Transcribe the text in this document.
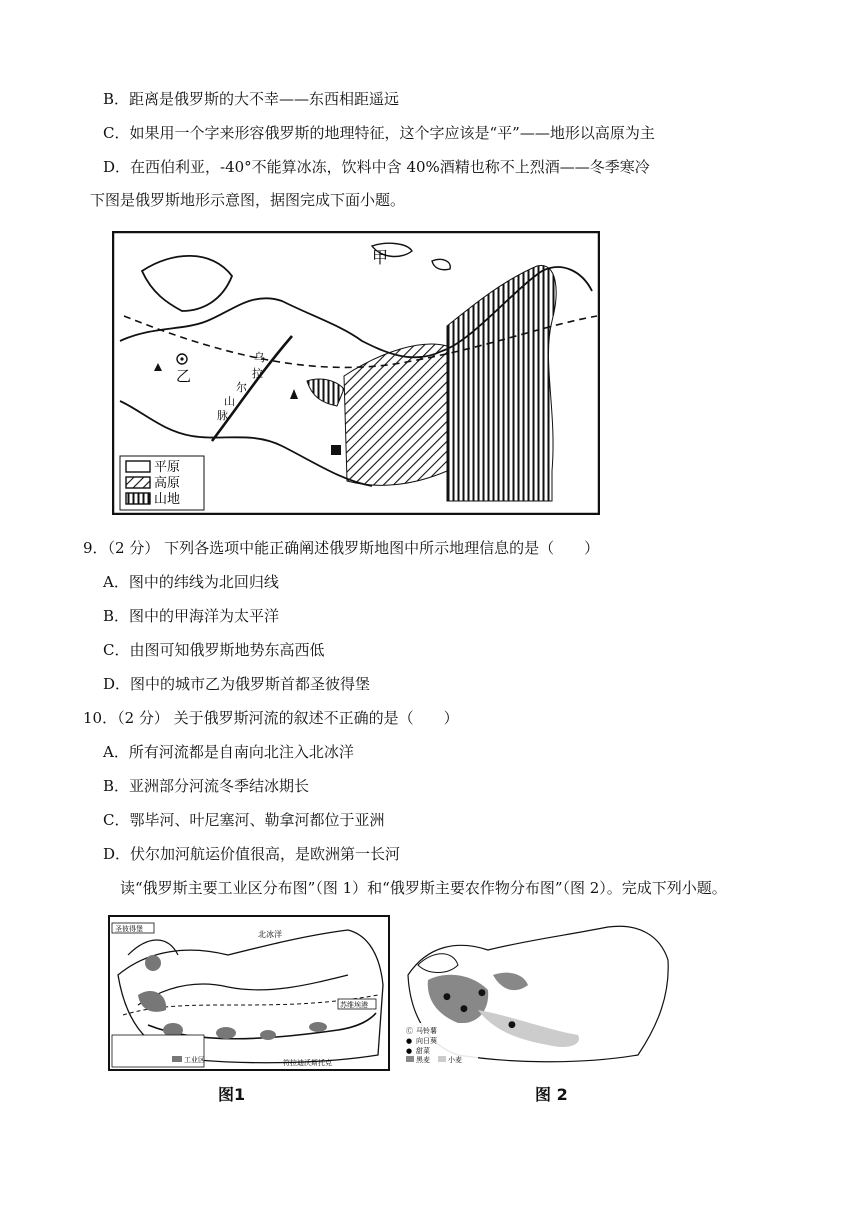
B．距离是俄罗斯的大不幸——东西相距遥远
C．如果用一个字来形容俄罗斯的地理特征，这个字应该是“平”——地形以高原为主
D．在西伯利亚，-40°不能算冰冻，饮料中含 40%酒精也称不上烈酒——冬季寒冷
下图是俄罗斯地形示意图，据图完成下面小题。
甲
乙
乌
拉
尔
山
脉
平原
高原
山地
9．（2 分） 下列各选项中能正确阐述俄罗斯地图中所示地理信息的是（　　）
A．图中的纬线为北回归线
B．图中的甲海洋为太平洋
C．由图可知俄罗斯地势东高西低
D．图中的城市乙为俄罗斯首都圣彼得堡
10．（2 分） 关于俄罗斯河流的叙述不正确的是（　　）
A．所有河流都是自南向北注入北冰洋
B．亚洲部分河流冬季结冰期长
C．鄂毕河、叶尼塞河、勒拿河都位于亚洲
D．伏尔加河航运价值很高，是欧洲第一长河
读“俄罗斯主要工业区分布图”（图 1）和“俄罗斯主要农作物分布图”（图 2）。完成下列小题。
圣彼得堡
北冰洋
苏维埃港
符拉迪沃斯托克
工业区
图1
●
●
●
●
Ⓒ 马铃薯
● 向日葵
● 甜菜
黑麦	小麦
图 2
